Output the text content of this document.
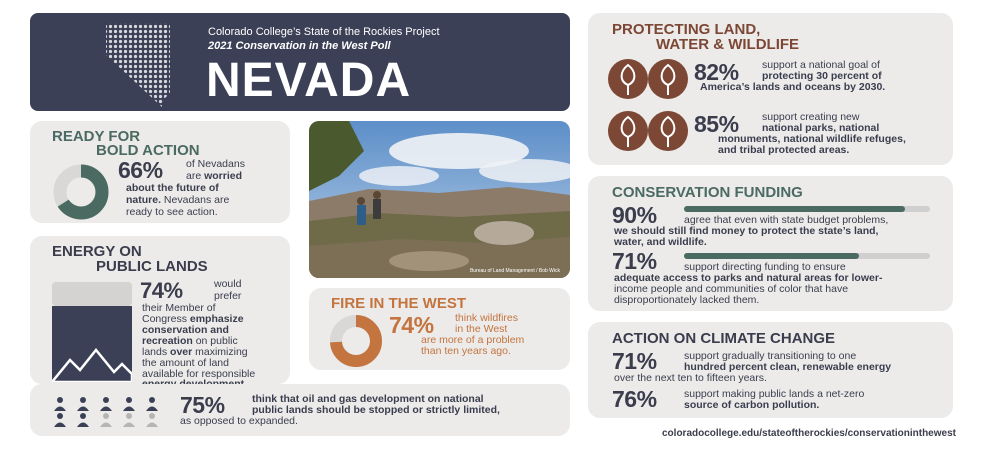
Colorado College’s State of the Rockies Project
2021 Conservation in the West Poll
NEVADA
READY FOR
BOLD ACTION
66% of Nevadans
are worried
about the future of
nature. Nevadans are
ready to see action.
Bureau of Land Management / Bob Wick
ENERGY ON
PUBLIC LANDS
74%	would
prefer
their Member of
Congress emphasize
conservation and
recreation on public
lands over maximizing
the amount of land
available for responsible
FIRE IN THE WEST
74% think wildfires
in the West
are more of a problem
than ten years ago.
75%	think that oil and gas development on national
public lands should be stopped or strictly limited,
as opposed to expanded.
PROTECTING LAND,
WATER & WILDLIFE
82% support a national goal of
protecting 30 percent of
America’s lands and oceans by 2030.
85% support creating new
national parks, national
monuments, national wildlife refuges,
and tribal protected areas.
CONSERVATION FUNDING
90%	agree that even with state budget problems,
we should still find money to protect the state’s land,
water, and wildlife.
71%	support directing funding to ensure
adequate access to parks and natural areas for lower-
income people and communities of color that have
disproportionately lacked them.
ACTION ON CLIMATE CHANGE
71%	support gradually transitioning to one
hundred percent clean, renewable energy
over the next ten to fifteen years.
76%	support making public lands a net-zero
source of carbon pollution.
coloradocollege.edu/stateoftherockies/conservationinthewest
